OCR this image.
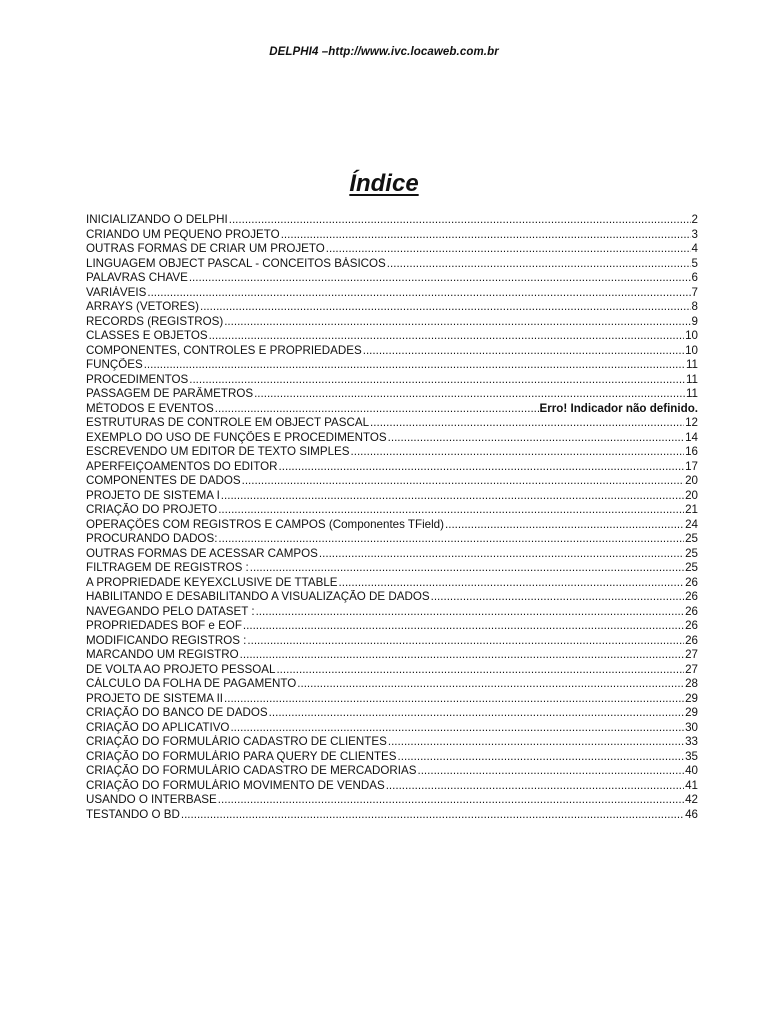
DELPHI4 –http://www.ivc.locaweb.com.br
Índice
INICIALIZANDO O DELPHI .....	2
CRIANDO UM PEQUENO PROJETO .....	3
OUTRAS FORMAS DE CRIAR UM PROJETO .....	4
LINGUAGEM OBJECT PASCAL - CONCEITOS BÁSICOS .....	5
PALAVRAS CHAVE .....	6
VARIÁVEIS .....	7
ARRAYS (VETORES) .....	8
RECORDS (REGISTROS) .....	9
CLASSES E OBJETOS .....	10
COMPONENTES, CONTROLES E PROPRIEDADES .....	10
FUNÇÕES .....	11
PROCEDIMENTOS .....	11
PASSAGEM DE PARÂMETROS .....	11
MÉTODOS E EVENTOS .....	Erro! Indicador não definido.
ESTRUTURAS DE CONTROLE EM OBJECT PASCAL .....	12
EXEMPLO DO USO DE FUNÇÕES E PROCEDIMENTOS .....	14
ESCREVENDO UM EDITOR DE TEXTO SIMPLES .....	16
APERFEIÇOAMENTOS DO EDITOR .....	17
COMPONENTES DE DADOS .....	20
PROJETO DE SISTEMA I .....	20
CRIAÇÃO DO PROJETO .....	21
OPERAÇÕES COM REGISTROS E CAMPOS (Componentes TField) .....	24
PROCURANDO DADOS: .....	25
OUTRAS FORMAS DE ACESSAR CAMPOS .....	25
FILTRAGEM DE REGISTROS : .....	25
A PROPRIEDADE KEYEXCLUSIVE DE TTABLE .....	26
HABILITANDO E DESABILITANDO A VISUALIZAÇÃO DE DADOS .....	26
NAVEGANDO PELO DATASET : .....	26
PROPRIEDADES BOF e EOF .....	26
MODIFICANDO REGISTROS : .....	26
MARCANDO UM REGISTRO .....	27
DE VOLTA AO PROJETO PESSOAL .....	27
CÁLCULO DA FOLHA DE PAGAMENTO .....	28
PROJETO DE SISTEMA II .....	29
CRIAÇÃO DO BANCO DE DADOS .....	29
CRIAÇÃO DO APLICATIVO .....	30
CRIAÇÃO DO FORMULÁRIO CADASTRO DE CLIENTES .....	33
CRIAÇÃO DO FORMULÁRIO PARA QUERY DE CLIENTES .....	35
CRIAÇÃO DO FORMULÁRIO CADASTRO DE MERCADORIAS .....	40
CRIAÇÃO DO FORMULÁRIO MOVIMENTO DE VENDAS .....	41
USANDO O INTERBASE .....	42
TESTANDO O BD .....	46
